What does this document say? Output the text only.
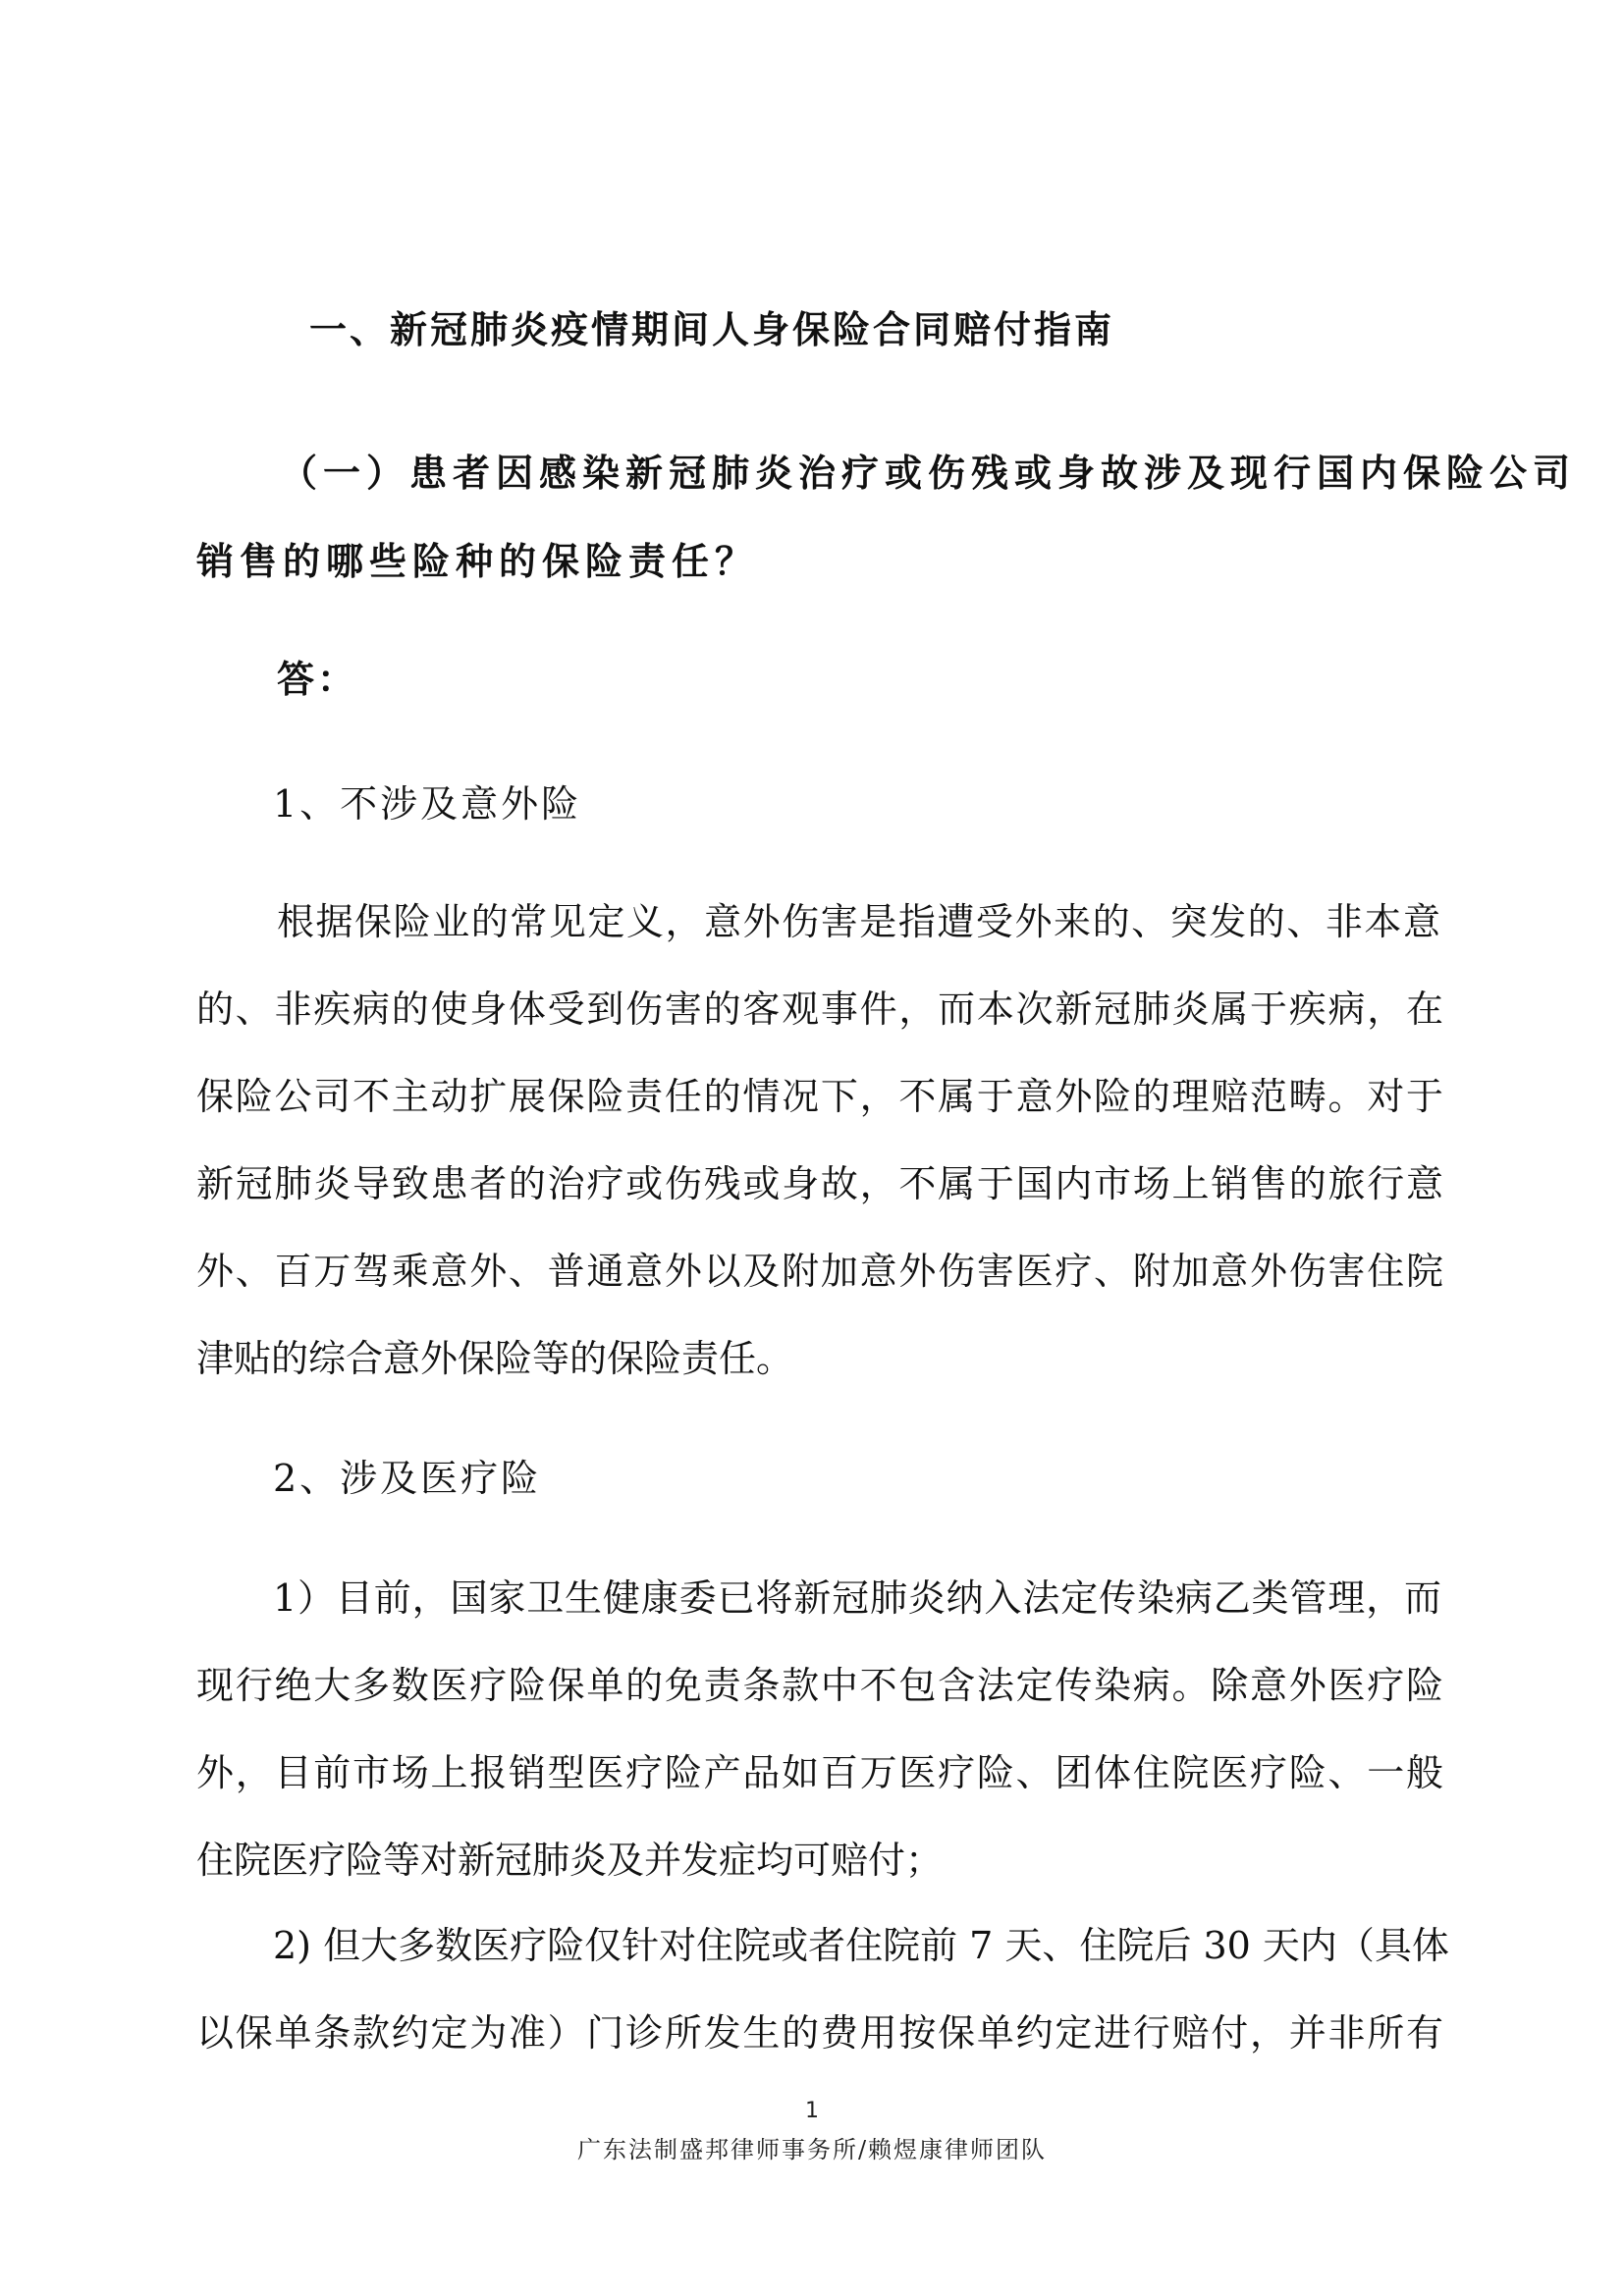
一、新冠肺炎疫情期间人身保险合同赔付指南
（一）患者因感染新冠肺炎治疗或伤残或身故涉及现行国内保险公司
销售的哪些险种的保险责任？
答：
1、不涉及意外险
根据保险业的常见定义，意外伤害是指遭受外来的、突发的、非本意
的、非疾病的使身体受到伤害的客观事件，而本次新冠肺炎属于疾病，在
保险公司不主动扩展保险责任的情况下，不属于意外险的理赔范畴。对于
新冠肺炎导致患者的治疗或伤残或身故，不属于国内市场上销售的旅行意
外、百万驾乘意外、普通意外以及附加意外伤害医疗、附加意外伤害住院
津贴的综合意外保险等的保险责任。
2、涉及医疗险
1）目前，国家卫生健康委已将新冠肺炎纳入法定传染病乙类管理，而
现行绝大多数医疗险保单的免责条款中不包含法定传染病。除意外医疗险
外，目前市场上报销型医疗险产品如百万医疗险、团体住院医疗险、一般
住院医疗险等对新冠肺炎及并发症均可赔付；
2) 但大多数医疗险仅针对住院或者住院前 7 天、住院后 30 天内（具体
以保单条款约定为准）门诊所发生的费用按保单约定进行赔付，并非所有
1
广东法制盛邦律师事务所/赖煜康律师团队
